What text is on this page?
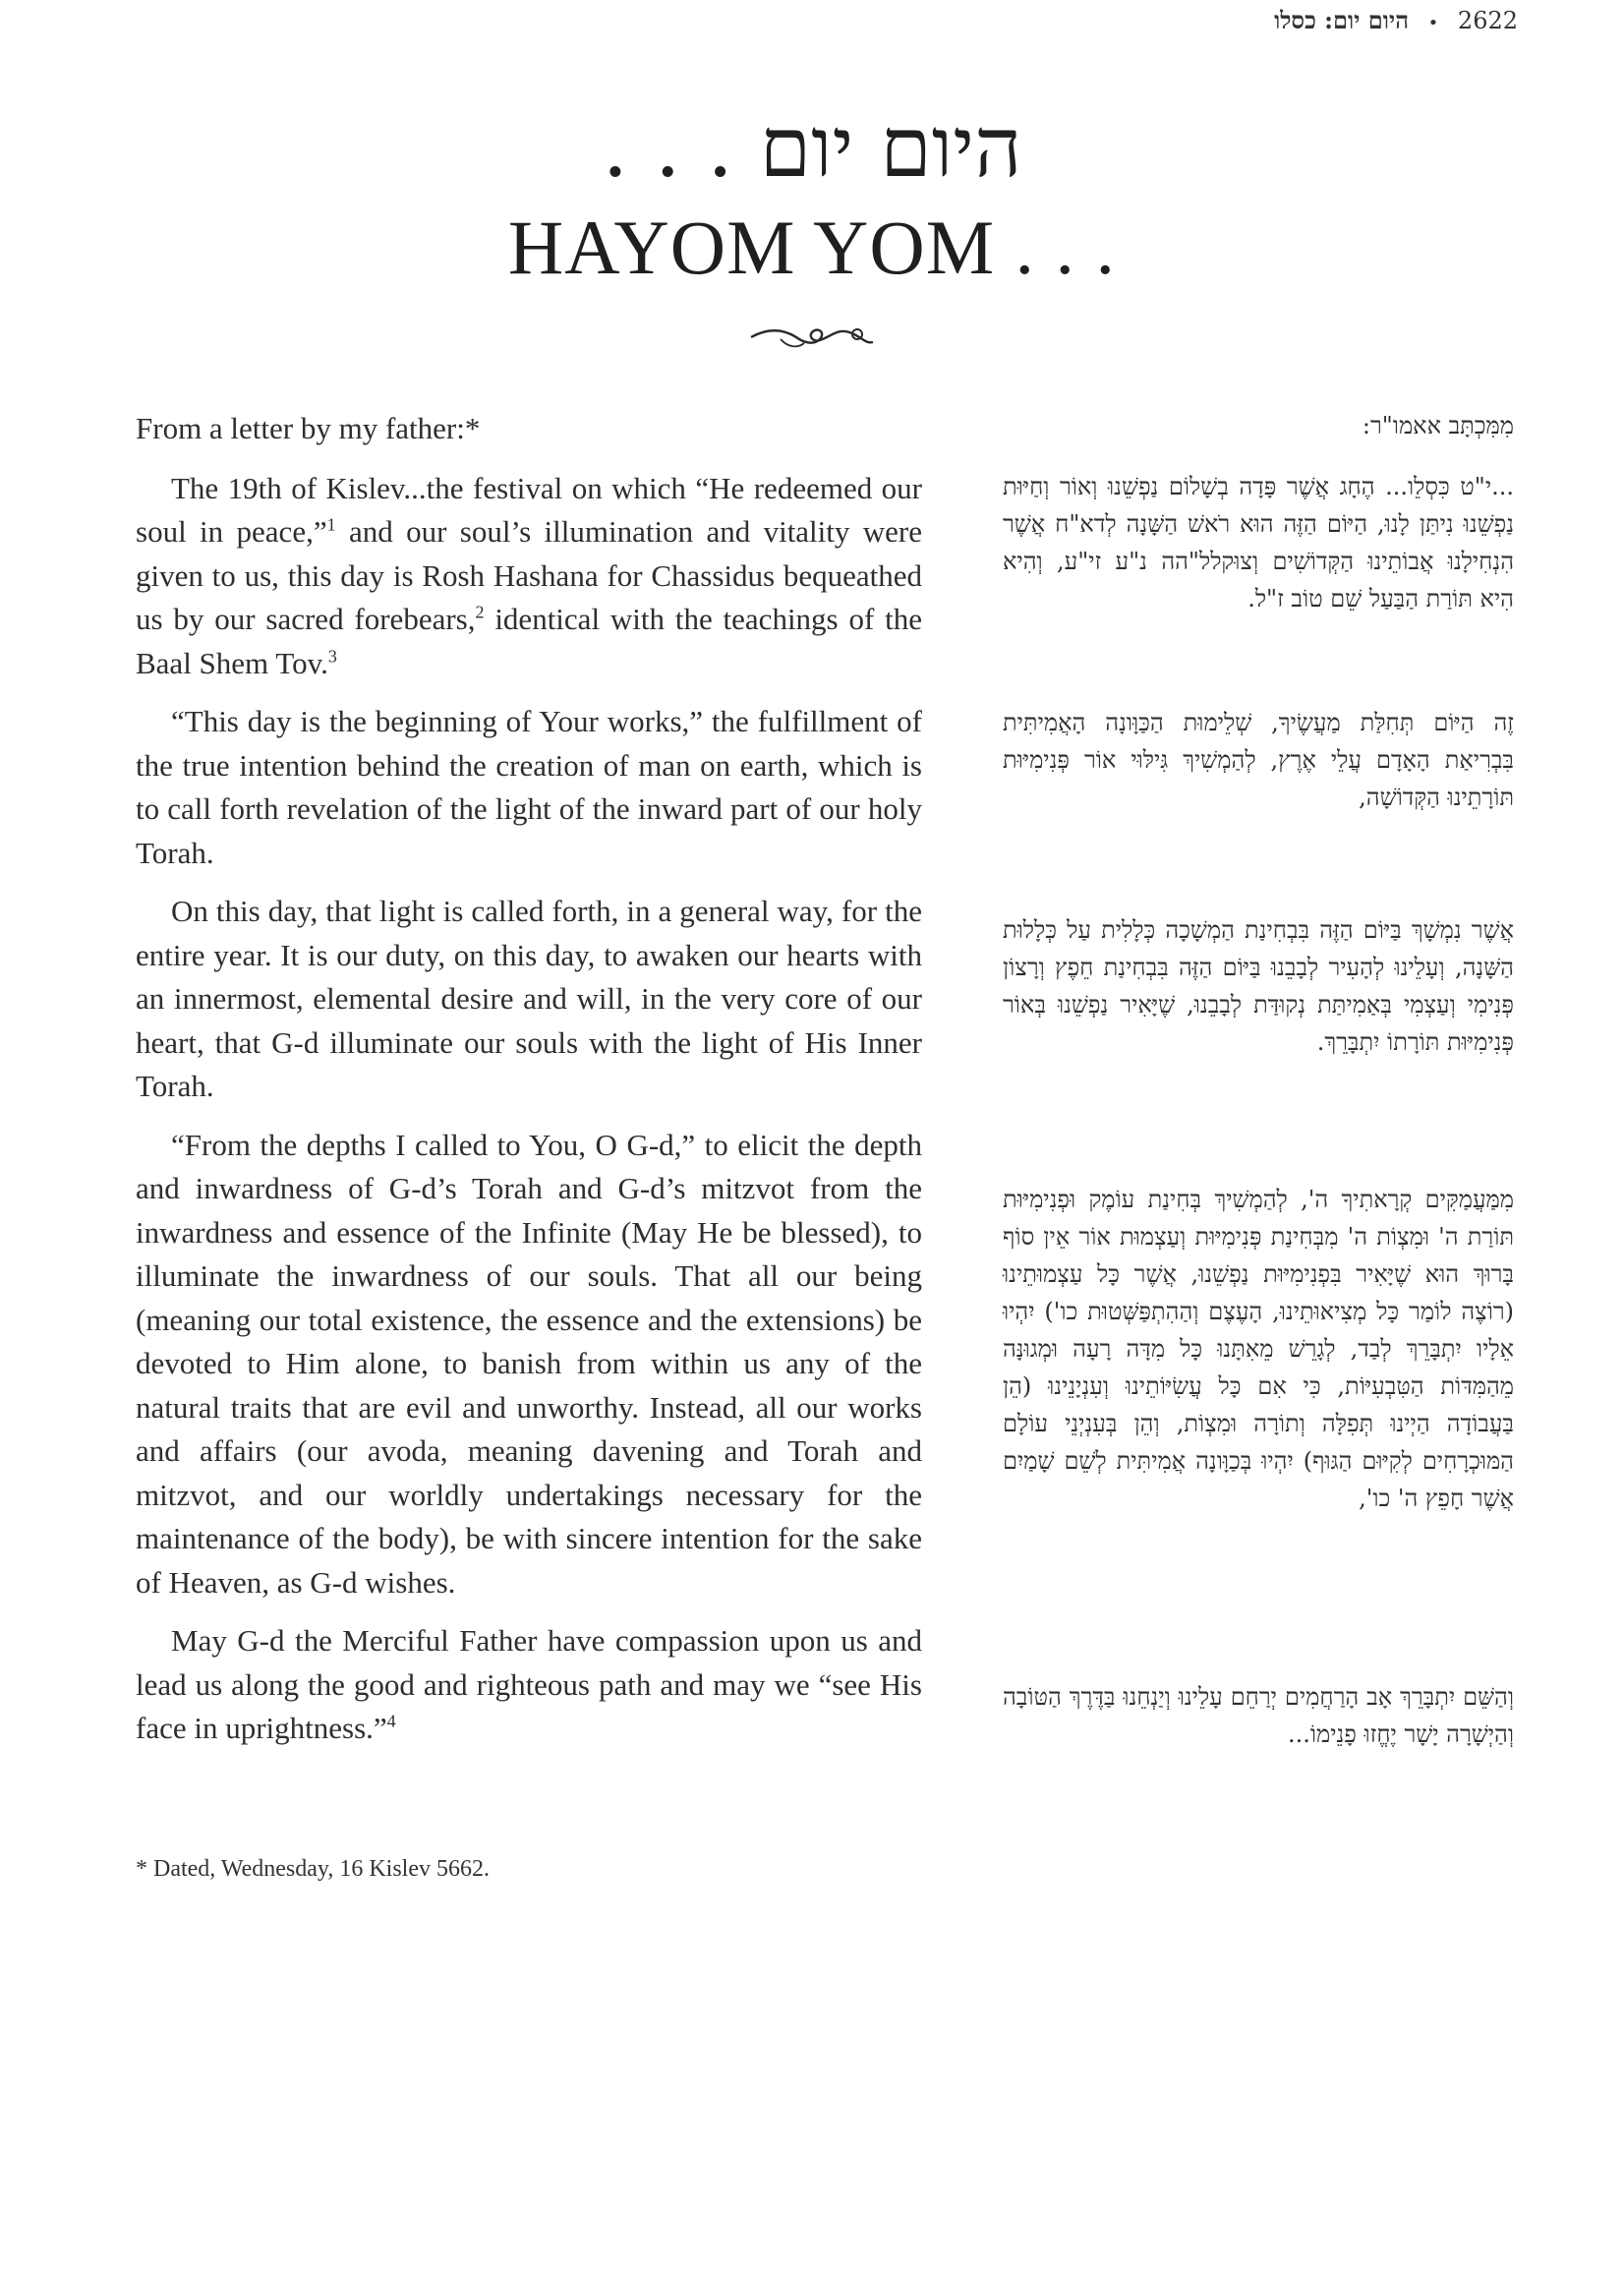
היום יום: כסלו • 2622
היום יום . . .
HAYOM YOM . . .

From a letter by my father:*

The 19th of Kislev...the festival on which “He redeemed our soul in peace,”$^1$ and our soul’s illumination and vitality were given to us, this day is Rosh Hashana for Chassidus bequeathed us by our sacred forebears,$^2$ identical with the teachings of the Baal Shem Tov.$^3$

“This day is the beginning of Your works,” the fulfillment of the true intention behind the creation of man on earth, which is to call forth revelation of the light of the inward part of our holy Torah.

On this day, that light is called forth, in a general way, for the entire year. It is our duty, on this day, to awaken our hearts with an innermost, elemental desire and will, in the very core of our heart, that G-d illuminate our souls with the light of His Inner Torah.

“From the depths I called to You, O G-d,” to elicit the depth and inwardness of G-d’s Torah and G-d’s mitzvot from the inwardness and essence of the Infinite (May He be blessed), to illuminate the inwardness of our souls. That all our being (meaning our total existence, the essence and the extensions) be devoted to Him alone, to banish from within us any of the natural traits that are evil and unworthy. Instead, all our works and affairs (our avoda, meaning davening and Torah and mitzvot, and our worldly undertakings necessary for the maintenance of the body), be with sincere intention for the sake of Heaven, as G-d wishes.

May G-d the Merciful Father have compassion upon us and lead us along the good and righteous path and may we “see His face in uprightness.”$^4$

מִמִּכְתָּב אאמו"ר:

...י"ט כִּסְלֵו... הֶחָג אֲשֶׁר פָּדָה בְשָׁלוֹם נַפְשֵׁנוּ וְאוֹר וְחַיּוּת נַפְשֵׁנוּ נִיתַּן לָנוּ, הַיּוֹם הַזֶּה הוּא רֹאשׁ הַשָּׁנָה לְדא"ח אֲשֶׁר הִנְחִילָנוּ אֲבוֹתֵינוּ הַקְּדוֹשִׁים וְצוּקלל"הה נ"ע זי"ע, וְהִיא הִיא תּוֹרַת הַבַּעַל שֵׁם טוֹב ז"ל.

זֶה הַיּוֹם תְּחִלַּת מַעֲשֶׂיךָ, שְׁלֵימוּת הַכַּוָּונָה הָאֲמִיתִּית בִּבְרִיאַת הָאָדָם עֲלֵי אֶרֶץ, לְהַמְשִׁיךְ גִּילּוּי אוֹר פְּנִימִיּוּת תּוֹרָתֵינוּ הַקְּדוֹשָׁה,

אֲשֶׁר נִמְשָׁךְ בַּיּוֹם הַזֶּה בִּבְחִינַת הַמְשָׁכָה כְּלָלִית עַל כְּלָלוּת הַשָּׁנָה, וְעָלֵינוּ לְהָעִיר לְבָבֵנוּ בַּיּוֹם הַזֶּה בִּבְחִינַת חֵפֶץ וְרָצוֹן פְּנִימִי וְעַצְמִי בְּאַמִיתַּת נְקוּדַּת לְבָבֵנוּ, שֶׁיָּאִיר נַפְשֵׁנוּ בְּאוֹר פְּנִימִיּוּת תּוֹרָתוֹ יִתְבָּרֵךְ.

מִמַּעֲמַקִּים קְרָאתִיךָ ה', לְהַמְשִׁיךְ בְּחִינַת עוֹמֶק וּפְנִימִיּוּת תּוֹרַת ה' וּמִצְוֹת ה' מִבְּחִינַת פְּנִימִיּוּת וְעַצְמוּת אוֹר אֵין סוֹף בָּרוּךְ הוּא שֶׁיָּאִיר בִּפְנִימִיּוּת נַפְשֵׁנוּ, אֲשֶׁר כָּל עַצְמוּתֵינוּ (רוֹצֶה לוֹמַר כָּל מְצִיאוּתֵינוּ, הָעֶצֶם וְהַהִתְפַּשְּׁטוּת כו') יִהְיוּ אֵלָיו יִתְבָּרֵךְ לְבַד, לְגָרֵשׁ מֵאִתָּנוּ כָּל מִדָּה רָעָה וּמְגוּנָּה מֵהַמִּדּוֹת הַטִּבְעִיּוֹת, כִּי אִם כָּל עֲשִׂיּוֹתֵינוּ וְעִנְיָנֵינוּ (הֵן בַּעֲבוֹדָה הַיְינוּ תְּפִלָּה וְתוֹרָה וּמִצְוֹת, וְהֵן בְּעִנְיְנֵי עוֹלָם הַמּוּכְרָחִים לְקִיּוּם הַגּוּף) יִהְיוּ בְּכַוָּונָה אֲמִיתִּית לְשֵׁם שָׁמַיִם אֲשֶׁר חָפֵץ ה' כו',

וְהַשֵּׁם יִתְבָּרֵךְ אָב הָרַחֲמִים יְרַחֵם עָלֵינוּ וְיַנְחֵנוּ בַּדֶּרֶךְ הַטּוֹבָה וְהַיְשָׁרָה יָשָׁר יֶחֱזוּ פָנֵימוֹ...

* Dated, Wednesday, 16 Kislev 5662.
